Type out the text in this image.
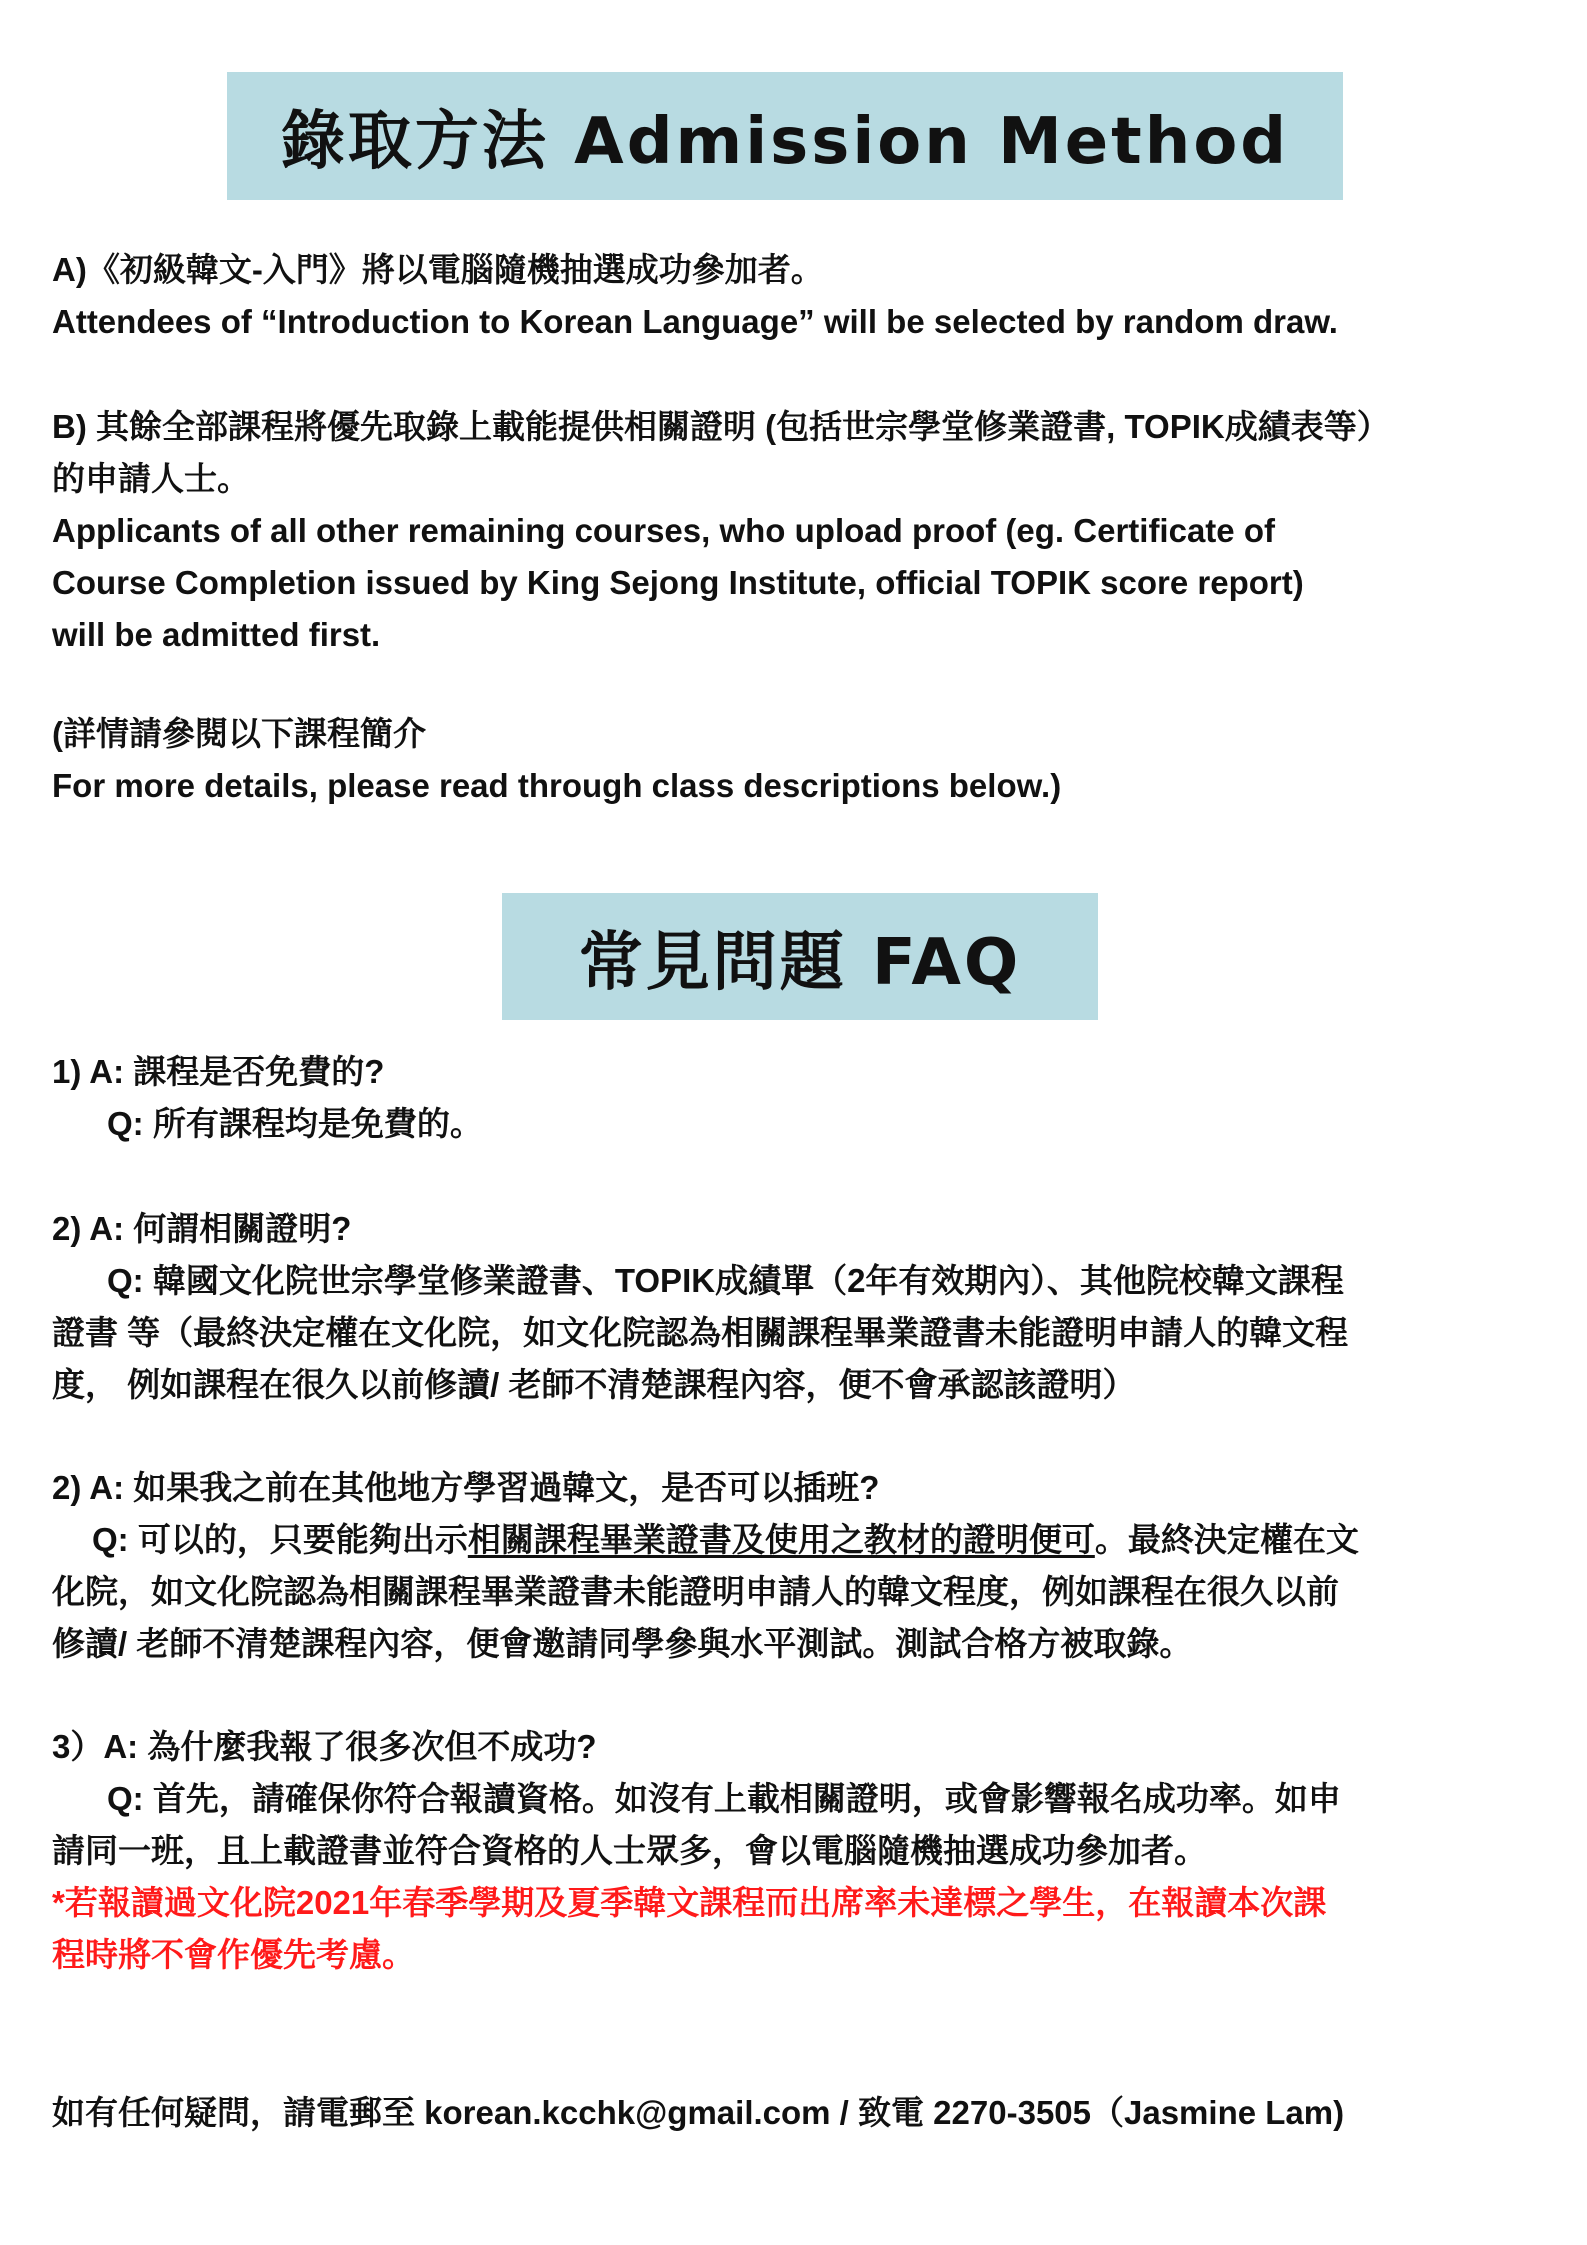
錄取方法 Admission Method
A)《初級韓文-入門》將以電腦隨機抽選成功參加者。
Attendees of “Introduction to Korean Language” will be selected by random draw.
B) 其餘全部課程將優先取錄上載能提供相關證明 (包括世宗學堂修業證書, TOPIK成績表等）
的申請人士。
Applicants of all other remaining courses, who upload proof (eg. Certificate of
Course Completion issued by King Sejong Institute, official TOPIK score report)
will be admitted first.
(詳情請參閱以下課程簡介
For more details, please read through class descriptions below.)
常見問題 FAQ
1) A: 課程是否免費的?
Q: 所有課程均是免費的。
2) A: 何謂相關證明?
Q: 韓國文化院世宗學堂修業證書、TOPIK成績單（2年有效期內）、其他院校韓文課程
證書 等（最終決定權在文化院，如文化院認為相關課程畢業證書未能證明申請人的韓文程
度， 例如課程在很久以前修讀/ 老師不清楚課程內容，便不會承認該證明）
2) A: 如果我之前在其他地方學習過韓文，是否可以插班?
Q: 可以的，只要能夠出示相關課程畢業證書及使用之教材的證明便可。最終決定權在文
化院，如文化院認為相關課程畢業證書未能證明申請人的韓文程度，例如課程在很久以前
修讀/ 老師不清楚課程內容，便會邀請同學參與水平測試。測試合格方被取錄。
3）A: 為什麼我報了很多次但不成功?
Q: 首先，請確保你符合報讀資格。如沒有上載相關證明，或會影響報名成功率。如申
請同一班，且上載證書並符合資格的人士眾多，會以電腦隨機抽選成功參加者。
*若報讀過文化院2021年春季學期及夏季韓文課程而出席率未達標之學生，在報讀本次課
程時將不會作優先考慮。
如有任何疑問，請電郵至 korean.kcchk@gmail.com / 致電 2270-3505（Jasmine Lam)
